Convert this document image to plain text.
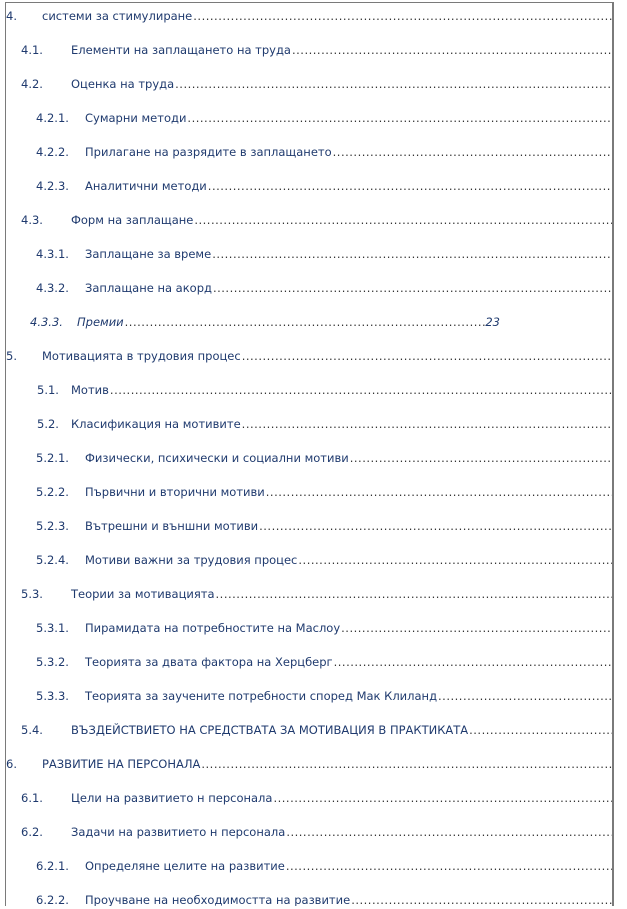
4.	системи за стимулиране
.....
4.1.	Елементи на заплащането на труда
.....
4.2.	Оценка на труда
.....
4.2.1.	Сумарни методи
.....
4.2.2.	Прилагане на разрядите в заплащането
.....
4.2.3.	Аналитични методи
.....
4.3.	Форм на заплащане
.....
4.3.1.	Заплащане за време
.....
4.3.2.	Заплащане на акорд
.....
4.3.3.	Премии
.....	23
5.	Мотивацията в трудовия процес
.....
5.1.	Мотив
.....
5.2.	Класификация на мотивите
.....
5.2.1.	Физически, психически и социални мотиви
.....
5.2.2.	Първични и вторични мотиви
.....
5.2.3.	Вътрешни и външни мотиви
.....
5.2.4.	Мотиви важни за трудовия процес
.....
5.3.	Теории за мотивацията
.....
5.3.1.	Пирамидата на потребностите на Маслоу
.....
5.3.2.	Теорията за двата фактора на Херцберг
.....
5.3.3.	Теорията за заучените потребности според Мак Клиланд
.....
5.4.	ВЪЗДЕЙСТВИЕТО НА СРЕДСТВАТА ЗА МОТИВАЦИЯ В ПРАКТИКАТА
.....
6.	РАЗВИТИЕ НА ПЕРСОНАЛА
.....
6.1.	Цели на развитието н персонала
.....
6.2.	Задачи на развитието н персонала
.....
6.2.1.	Определяне целите на развитие
.....
6.2.2.	Проучване на необходимостта на развитие
.....
